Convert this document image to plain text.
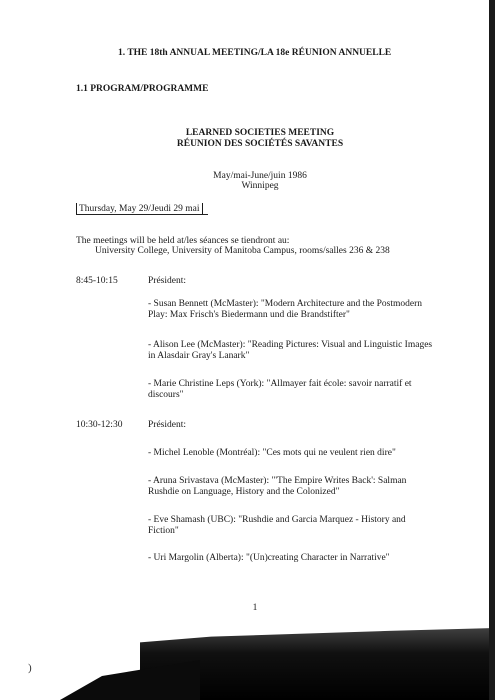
1. THE 18th ANNUAL MEETING/LA 18e RÉUNION ANNUELLE
1.1 PROGRAM/PROGRAMME
LEARNED SOCIETIES MEETING
RÉUNION DES SOCIÉTÉS SAVANTES
May/mai-June/juin 1986
Winnipeg
Thursday, May 29/Jeudi 29 mai
The meetings will be held at/les séances se tiendront au:
University College, University of Manitoba Campus, rooms/salles 236 & 238
8:45-10:15	Président:
- Susan Bennett (McMaster): "Modern Architecture and the Postmodern
Play: Max Frisch's Biedermann und die Brandstifter"
- Alison Lee (McMaster): "Reading Pictures: Visual and Linguistic Images
in Alasdair Gray's Lanark"
- Marie Christine Leps (York): "Allmayer fait école: savoir narratif et
discours"
10:30-12:30	Président:
- Michel Lenoble (Montréal): "Ces mots qui ne veulent rien dire"
- Aruna Srivastava (McMaster): "'The Empire Writes Back': Salman
Rushdie on Language, History and the Colonized"
- Eve Shamash (UBC): "Rushdie and Garcia Marquez - History and
Fiction"
- Uri Margolin (Alberta): "(Un)creating Character in Narrative"
1
)
